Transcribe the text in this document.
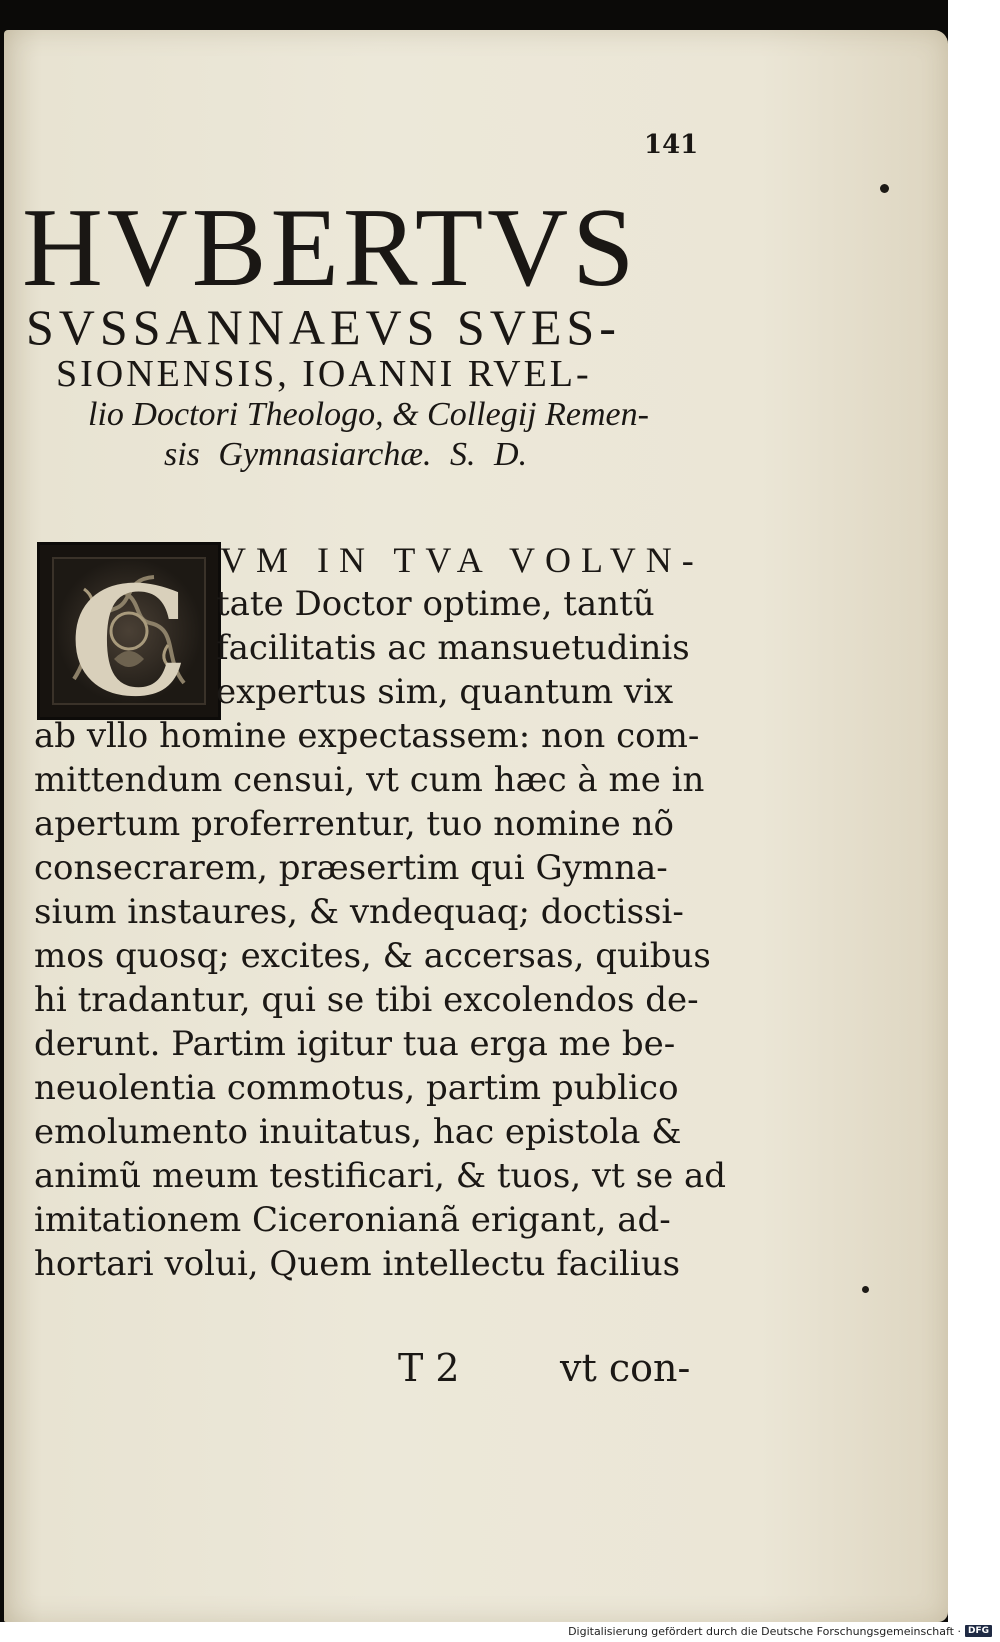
141
HVBERTVS
SVSSANNAEVS SVES-
SIONENSIS, IOANNI RVEL-
lio Doctori Theologo, & Collegij Remen-
sis Gymnasiarchæ. S. D.
C VM IN TVA VOLVN-
tate Doctor optime, tantũ
facilitatis ac mansuetudinis
expertus sim, quantum vix
ab vllo homine expectassem: non com-
mittendum censui, vt cum hæc à me in
apertum proferrentur, tuo nomine nõ
consecrarem, præsertim qui Gymna-
sium instaures, & vndequaq; doctissi-
mos quosq; excites, & accersas, quibus
hi tradantur, qui se tibi excolendos de-
derunt. Partim igitur tua erga me be-
neuolentia commotus, partim publico
emolumento inuitatus, hac epistola &
animũ meum testificari, & tuos, vt se ad
imitationem Ciceronianã erigant, ad-
hortari volui, Quem intellectu facilius
T 2	vt con-
Digitalisierung gefördert durch die Deutsche Forschungsgemeinschaft · DFG
